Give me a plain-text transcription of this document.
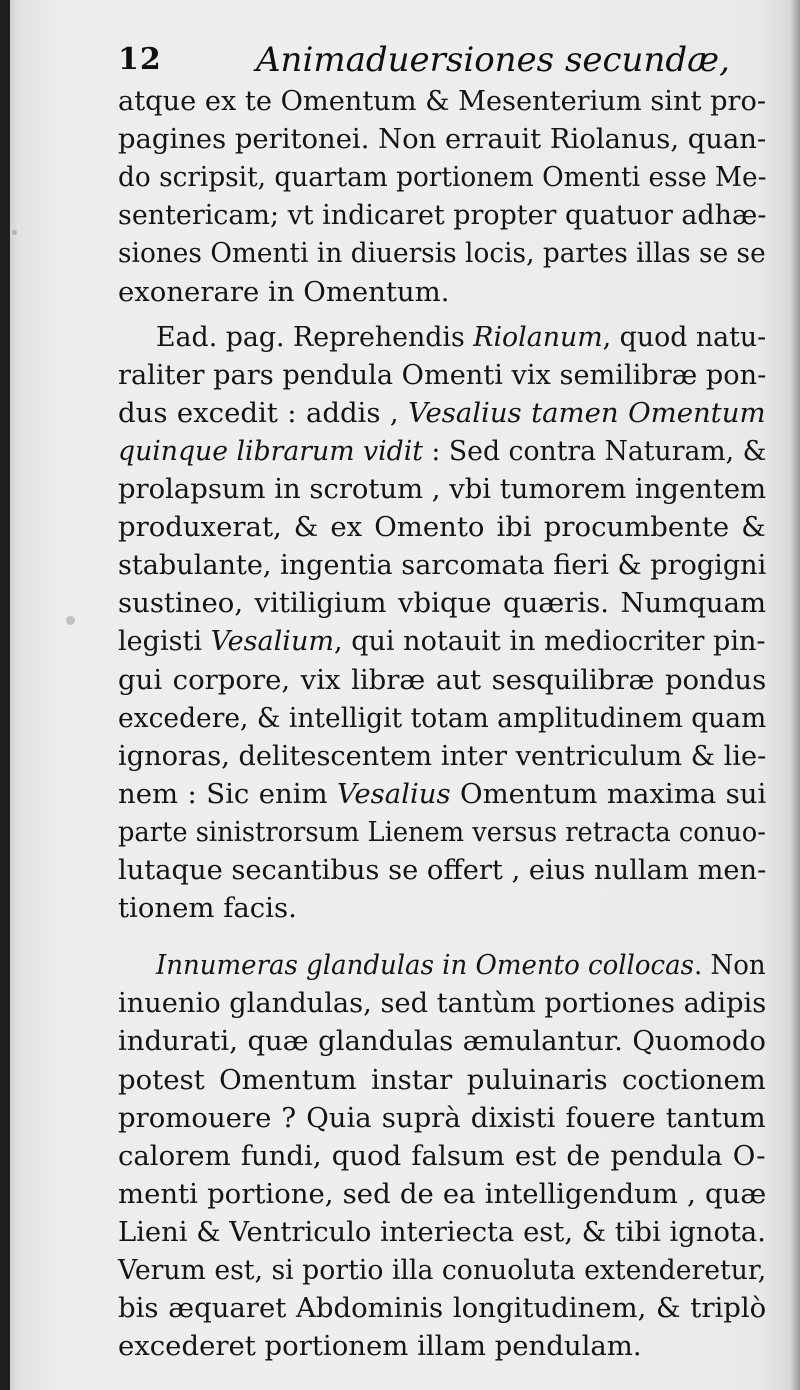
12	Animaduersiones secundæ,
atque ex te Omentum & Mesenterium sint pro-
pagines peritonei. Non errauit Riolanus, quan-
do scripsit, quartam portionem Omenti esse Me-
sentericam; vt indicaret propter quatuor adhæ-
siones Omenti in diuersis locis, partes illas se se
exonerare in Omentum.
Ead. pag. Reprehendis Riolanum, quod natu-
raliter pars pendula Omenti vix semilibræ pon-
dus excedit : addis , Vesalius tamen Omentum
quinque librarum vidit : Sed contra Naturam, &
prolapsum in scrotum , vbi tumorem ingentem
produxerat, & ex Omento ibi procumbente &
stabulante, ingentia sarcomata fieri & progigni
sustineo, vitiligium vbique quæris. Numquam
legisti Vesalium, qui notauit in mediocriter pin-
gui corpore, vix libræ aut sesquilibræ pondus
excedere, & intelligit totam amplitudinem quam
ignoras, delitescentem inter ventriculum & lie-
nem : Sic enim Vesalius Omentum maxima sui
parte sinistrorsum Lienem versus retracta conuo-
lutaque secantibus se offert , eius nullam men-
tionem facis.
Innumeras glandulas in Omento collocas. Non
inuenio glandulas, sed tantùm portiones adipis
indurati, quæ glandulas æmulantur. Quomodo
potest Omentum instar puluinaris coctionem
promouere ? Quia suprà dixisti fouere tantum
calorem fundi, quod falsum est de pendula O-
menti portione, sed de ea intelligendum , quæ
Lieni & Ventriculo interiecta est, & tibi ignota.
Verum est, si portio illa conuoluta extenderetur,
bis æquaret Abdominis longitudinem, & triplò
excederet portionem illam pendulam.
